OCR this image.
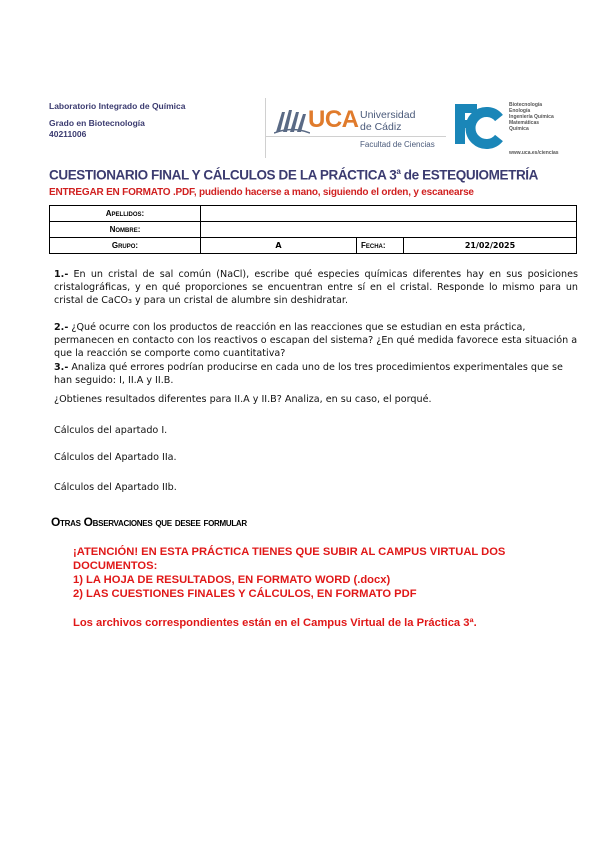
Laboratorio Integrado de Química
Grado en Biotecnología
40211006
UCA Universidad
de Cádiz
Facultad de Ciencias
Biotecnología
Enología
Ingeniería Química
Matemáticas
Química
www.uca.es/ciencias
CUESTIONARIO FINAL Y CÁLCULOS DE LA PRÁCTICA 3$^a$ de ESTEQUIOMETRÍA
ENTREGAR EN FORMATO .PDF, pudiendo hacerse a mano, siguiendo el orden, y escanearse
Apellidos:			
Nombre:			
Grupo:	A	Fecha:	21/02/2025
1.- En un cristal de sal común (NaCl), escribe qué especies químicas diferentes hay en sus posiciones cristalográficas, y en qué proporciones se encuentran entre sí en el cristal. Responde lo mismo para un cristal de CaCO₃ y para un cristal de alumbre sin deshidratar.
2.- ¿Qué ocurre con los productos de reacción en las reacciones que se estudian en esta práctica, permanecen en contacto con los reactivos o escapan del sistema? ¿En qué medida favorece esta situación a que la reacción se comporte como cuantitativa?
3.- Analiza qué errores podrían producirse en cada uno de los tres procedimientos experimentales que se han seguido: I, II.A y II.B.
¿Obtienes resultados diferentes para II.A y II.B? Analiza, en su caso, el porqué.
Cálculos del apartado I.
Cálculos del Apartado IIa.
Cálculos del Apartado IIb.
Otras Observaciones que desee formular
¡ATENCIÓN! EN ESTA PRÁCTICA TIENES QUE SUBIR AL CAMPUS VIRTUAL DOS
DOCUMENTOS:
1) LA HOJA DE RESULTADOS, EN FORMATO WORD (.docx)
2) LAS CUESTIONES FINALES Y CÁLCULOS, EN FORMATO PDF
Los archivos correspondientes están en el Campus Virtual de la Práctica 3ª.
